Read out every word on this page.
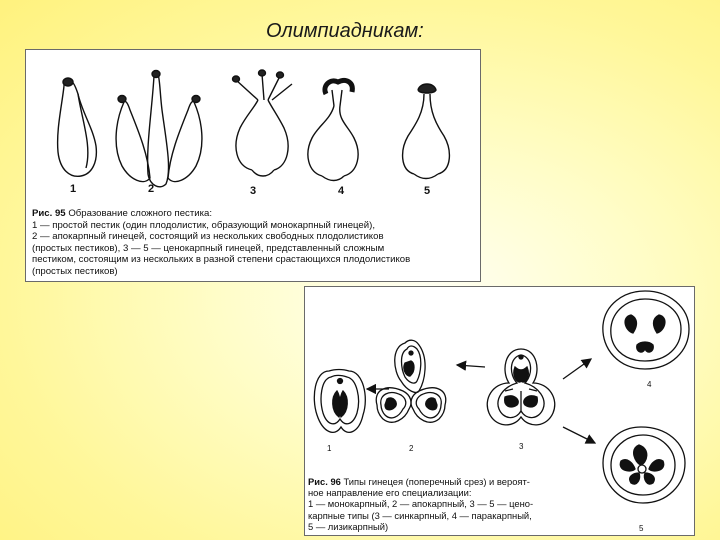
Олимпиадникам:
1	2	3	4	5
Рис. 95 Образование сложного пестика:
1 — простой пестик (один плодолистик, образующий монокарпный гинецей),
2 — апокарпный гинецей, состоящий из нескольких свободных плодолистиков
(простых пестиков), 3 — 5 — ценокарпный гинецей, представленный сложным
пестиком, состоящим из нескольких в разной степени срастающихся плодолистиков
(простых пестиков)
1	2	3
4
5
Рис. 96 Типы гинецея (поперечный срез) и вероят-
ное направление его специализации:
1 — монокарпный, 2 — апокарпный, 3 — 5 — цено-
карпные типы (3 — синкарпный, 4 — паракарпный,
5 — лизикарпный)
